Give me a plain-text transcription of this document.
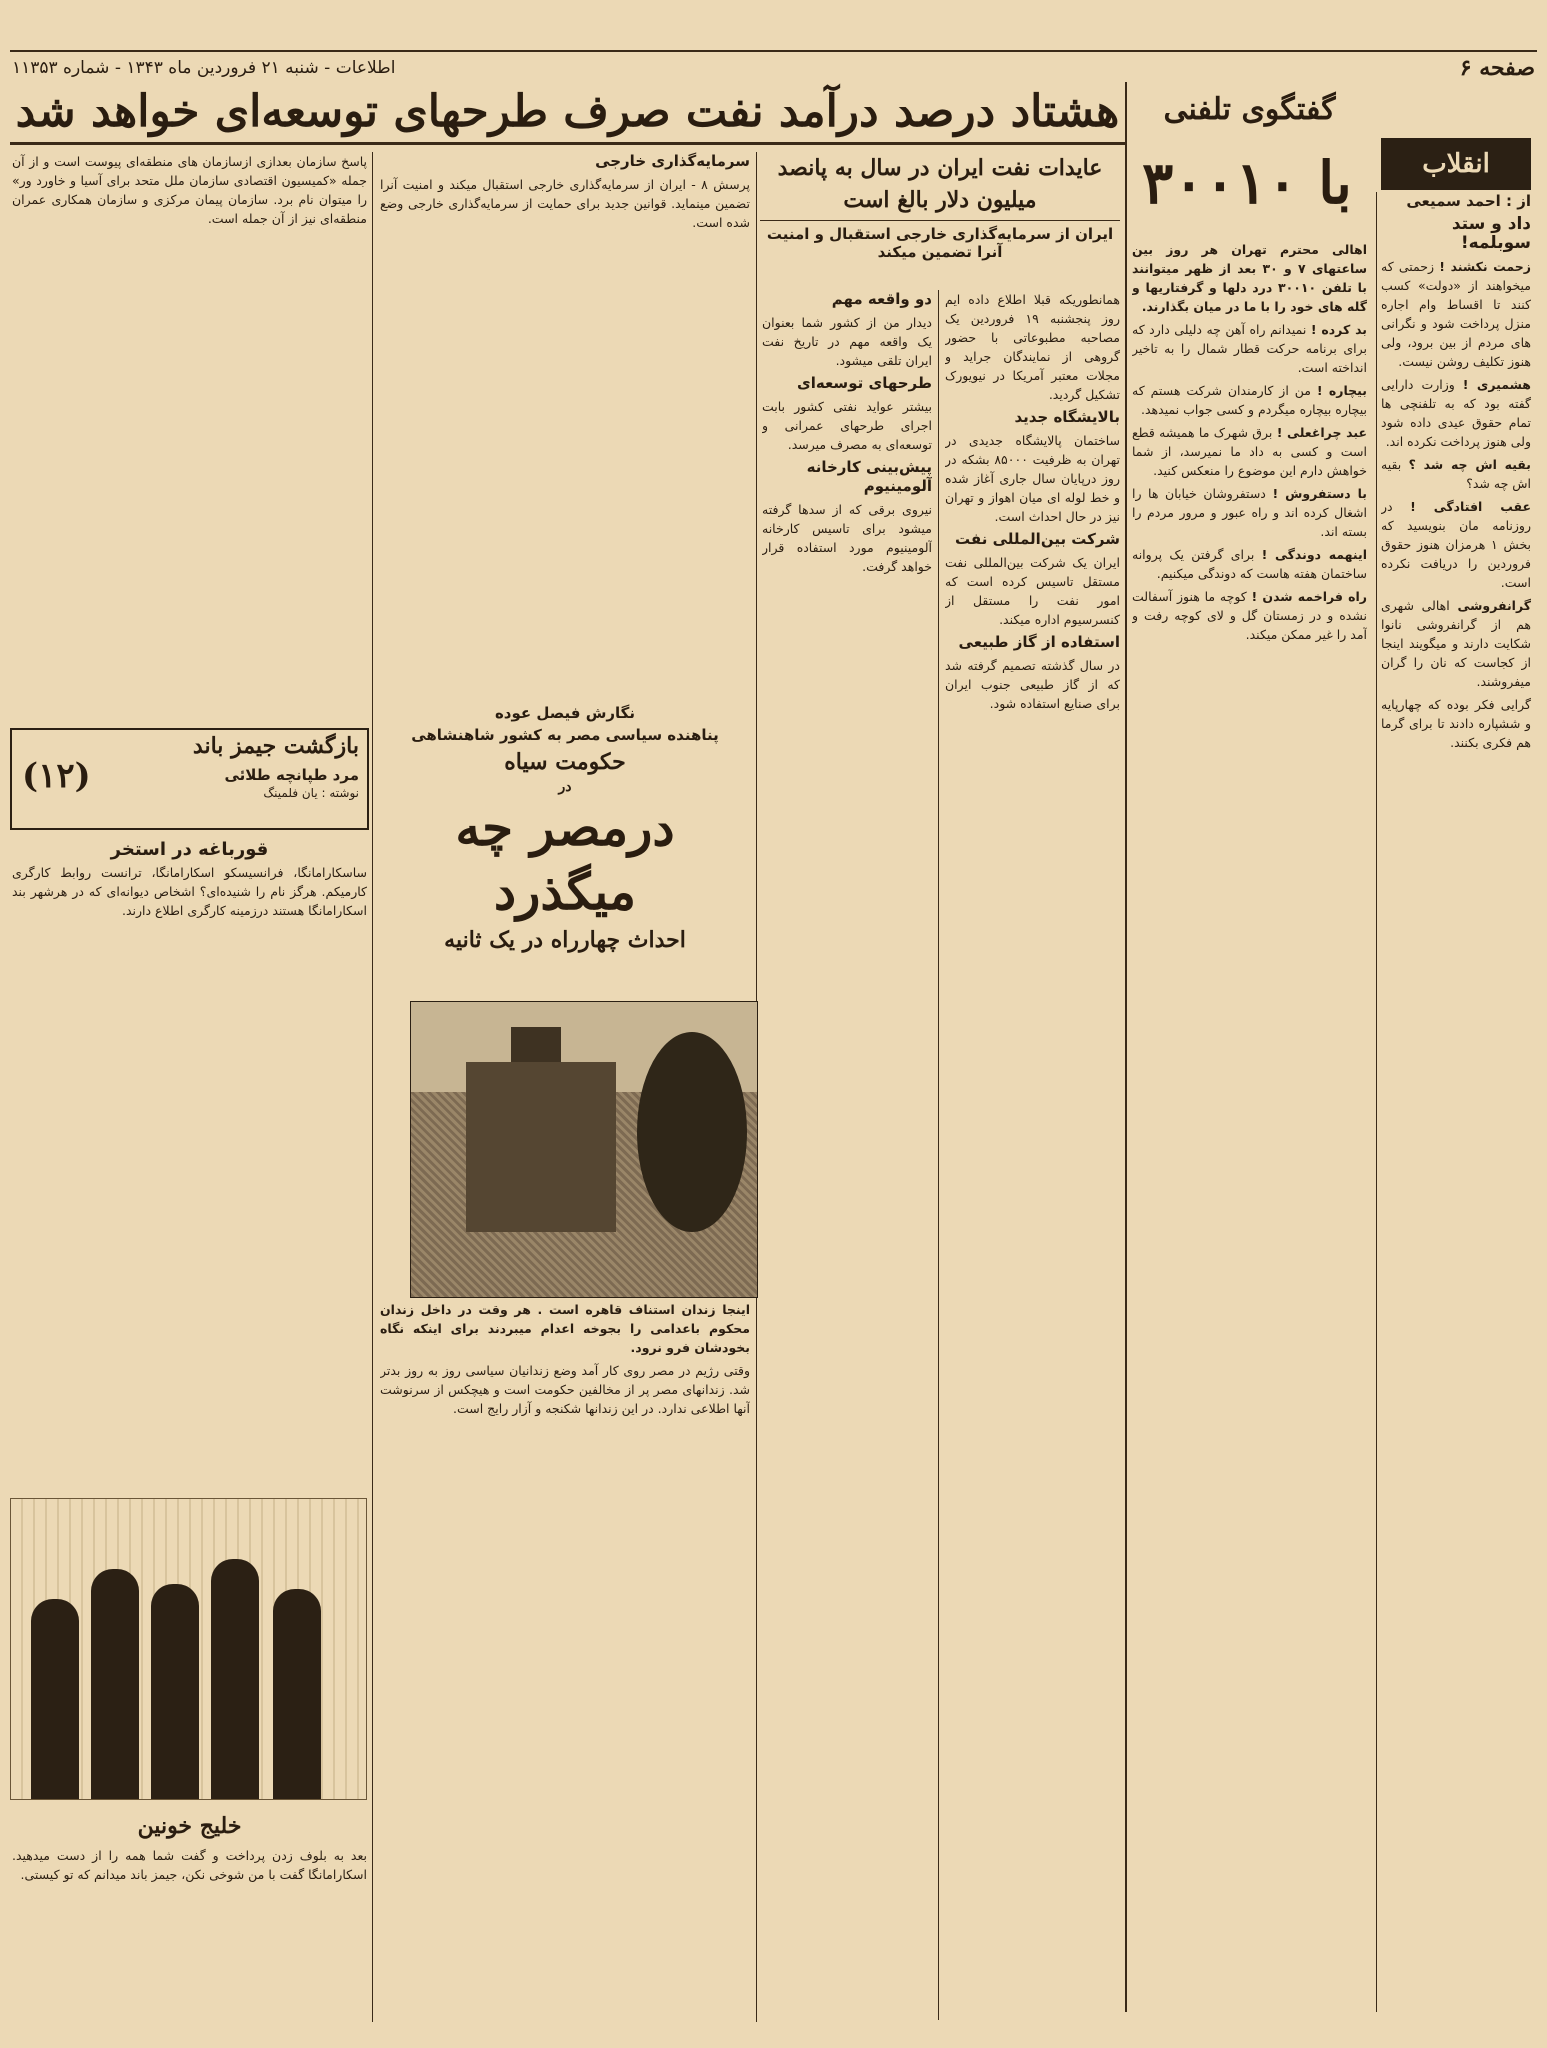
صفحه ۶
اطلاعات - شنبه ۲۱ فروردین ماه ۱۳۴۳ - شماره ۱۱۳۵۳
انقلاب
گفتگوی تلفنی
با ۳۰۰۱۰	از : احمد سمیعی

داد و ستد سوبلمه!

زحمت نکشند ! زحمتی که میخواهند از «دولت» کسب کنند تا اقساط وام اجاره منزل پرداخت شود و نگرانی های مردم از بین برود، ولی هنوز تکلیف روشن نیست.

هشمیری ! وزارت دارایی گفته بود که به تلفنچی ها تمام حقوق عیدی داده شود ولی هنوز پرداخت نکرده اند.

بقیه اش چه شد ؟ بقیه اش چه شد؟

عقب افتادگی ! در روزنامه مان بنویسید که بخش ۱ هرمزان هنوز حقوق فروردین را دریافت نکرده است.

گرانفروشی اهالی شهری هم از گرانفروشی نانوا شکایت دارند و میگویند اینجا از کجاست که نان را گران میفروشند.

گرایی فکر بوده که چهارپایه و ششپاره دادند تا برای گرما هم فکری بکنند.

اهالی محترم تهران هر روز بین ساعتهای ۷ و ۳۰ بعد از ظهر میتوانند با تلفن ۳۰۰۱۰ درد دلها و گرفتاریها و گله های خود را با ما در میان بگذارند.

بد کرده ! نمیدانم راه آهن چه دلیلی دارد که برای برنامه حرکت قطار شمال را به تاخیر انداخته است.

بیچاره ! من از کارمندان شرکت هستم که بیچاره بیچاره میگردم و کسی جواب نمیدهد.

عبد چراغعلی ! برق شهرک ما همیشه قطع است و کسی به داد ما نمیرسد، از شما خواهش دارم این موضوع را منعکس کنید.

با دستفروش ! دستفروشان خیابان ها را اشغال کرده اند و راه عبور و مرور مردم را بسته اند.

اینهمه دوندگی ! برای گرفتن یک پروانه ساختمان هفته هاست که دوندگی میکنیم.

راه فراخمه شدن ! کوچه ما هنوز آسفالت نشده و در زمستان گل و لای کوچه رفت و آمد را غیر ممکن میکند.

هشتاد درصد درآمد نفت صرف طرحهای توسعه‌ای خواهد شد
عایدات نفت ایران در سال به پانصد میلیون دلار بالغ است
ایران از سرمایه‌گذاری خارجی استقبال و امنیت آنرا تضمین میکند

همانطوریکه قبلا اطلاع داده ایم روز پنجشنبه ۱۹ فروردین یک مصاحبه مطبوعاتی با حضور گروهی از نمایندگان جراید و مجلات معتبر آمریکا در نیویورک تشکیل گردید.

بالایشگاه جدید

ساختمان پالایشگاه جدیدی در تهران به ظرفیت ۸۵۰۰۰ بشکه در روز درپایان سال جاری آغاز شده و خط لوله ای میان اهواز و تهران نیز در حال احداث است.

شرکت بین‌المللی نفت

ایران یک شرکت بین‌المللی نفت مستقل تاسیس کرده است که امور نفت را مستقل از کنسرسیوم اداره میکند.

استفاده از گاز طبیعی

در سال گذشته تصمیم گرفته شد که از گاز طبیعی جنوب ایران برای صنایع استفاده شود.

دو واقعه مهم

دیدار من از کشور شما بعنوان یک واقعه مهم در تاریخ نفت ایران تلقی میشود.

طرحهای توسعه‌ای

بیشتر عواید نفتی کشور بابت اجرای طرحهای عمرانی و توسعه‌ای به مصرف میرسد.

پیش‌بینی کارخانه آلومینیوم

نیروی برقی که از سدها گرفته میشود برای تاسیس کارخانه آلومینیوم مورد استفاده قرار خواهد گرفت.

سرمایه‌گذاری خارجی

پرسش ۸ - ایران از سرمایه‌گذاری خارجی استقبال میکند و امنیت آنرا تضمین مینماید. قوانین جدید برای حمایت از سرمایه‌گذاری خارجی وضع شده است.

پاسخ سازمان بعدازی ازسازمان های منطقه‌ای پیوست است و از آن جمله «کمیسیون اقتصادی سازمان ملل متحد برای آسیا و خاورد ور» را میتوان نام برد. سازمان پیمان مرکزی و سازمان همکاری عمران منطقه‌ای نیز از آن جمله است.

نگارش فیصل عوده
پناهنده سیاسی مصر به کشور شاهنشاهی
حکومت سیاه
در
درمصر چه میگذرد
احداث چهارراه در یک ثانیه

اینجا زندان استناف قاهره است . هر وقت در داخل زندان محکوم باعدامی را بجوخه اعدام میبردند برای اینکه نگاه بخودشان فرو نرود.

وقتی رژیم در مصر روی کار آمد وضع زندانیان سیاسی روز به روز بدتر شد. زندانهای مصر پر از مخالفین حکومت است و هیچکس از سرنوشت آنها اطلاعی ندارد. در این زندانها شکنجه و آزار رایج است.

بازگشت جیمز باند
مرد طپانچه طلائی
نوشته : یان فلمینگ
(۱۲)

قورباغه در استخر

ساسکارامانگا، فرانسیسکو اسکارامانگا، ترانست روابط کارگری کارمیکم. هرگز نام را شنیده‌ای؟ اشخاص دیوانه‌ای که در هرشهر بند اسکارامانگا هستند درزمینه کارگری اطلاع دارند.

خلیج خونین

بعد به بلوف زدن پرداخت و گفت شما همه را از دست میدهید. اسکارامانگا گفت با من شوخی نکن، جیمز باند میدانم که تو کیستی.
